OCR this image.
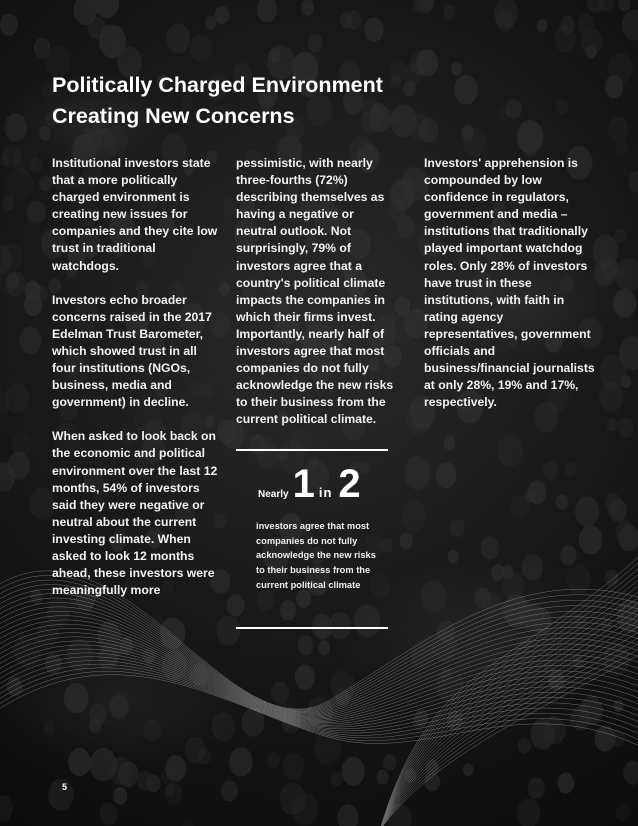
Politically Charged Environment
Creating New Concerns

Institutional investors state that a more politically charged environment is creating new issues for companies and they cite low trust in traditional watchdogs.

Investors echo broader concerns raised in the 2017 Edelman Trust Barometer, which showed trust in all four institutions (NGOs, business, media and government) in decline.

When asked to look back on the economic and political environment over the last 12 months, 54% of investors said they were negative or neutral about the current investing climate. When asked to look 12 months ahead, these investors were meaningfully more

pessimistic, with nearly three-fourths (72%) describing themselves as having a negative or neutral outlook. Not surprisingly, 79% of investors agree that a country's political climate impacts the companies in which their firms invest. Importantly, nearly half of investors agree that most companies do not fully acknowledge the new risks to their business from the current political climate.

Investors' apprehension is compounded by low confidence in regulators, government and media – institutions that traditionally played important watchdog roles. Only 28% of investors have trust in these institutions, with faith in rating agency representatives, government officials and business/financial journalists at only 28%, 19% and 17%, respectively.

Nearly 1 in 2
investors agree that most companies do not fully acknowledge the new risks to their business from the current political climate
5
